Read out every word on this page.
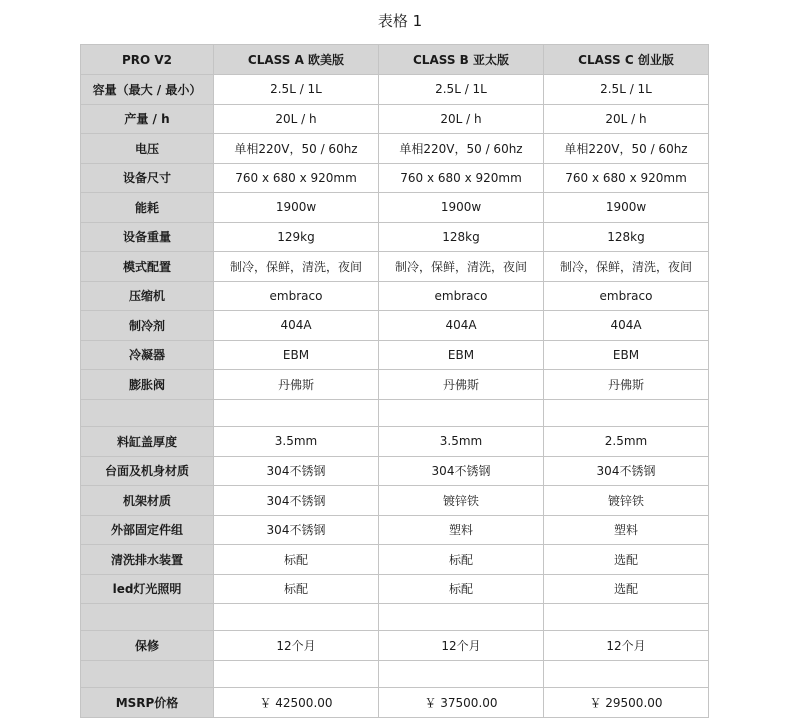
表格 1
PRO V2	CLASS A 欧美版	CLASS B 亚太版	CLASS C 创业版
容量（最大 / 最小）	2.5L / 1L	2.5L / 1L	2.5L / 1L
产量 / h	20L / h	20L / h	20L / h
电压	单相220V，50 / 60hz	单相220V，50 / 60hz	单相220V，50 / 60hz
设备尺寸	760 x 680 x 920mm	760 x 680 x 920mm	760 x 680 x 920mm
能耗	1900w	1900w	1900w
设备重量	129kg	128kg	128kg
模式配置	制冷，保鲜，清洗，夜间	制冷，保鲜，清洗，夜间	制冷，保鲜，清洗，夜间
压缩机	embraco	embraco	embraco
制冷剂	404A	404A	404A
冷凝器	EBM	EBM	EBM
膨胀阀	丹佛斯	丹佛斯	丹佛斯

料缸盖厚度	3.5mm	3.5mm	2.5mm
台面及机身材质	304不锈钢	304不锈钢	304不锈钢
机架材质	304不锈钢	镀锌铁	镀锌铁
外部固定件组	304不锈钢	塑料	塑料
清洗排水装置	标配	标配	选配
led灯光照明	标配	标配	选配

保修	12个月	12个月	12个月

MSRP价格	￥ 42500.00	￥ 37500.00	￥ 29500.00
